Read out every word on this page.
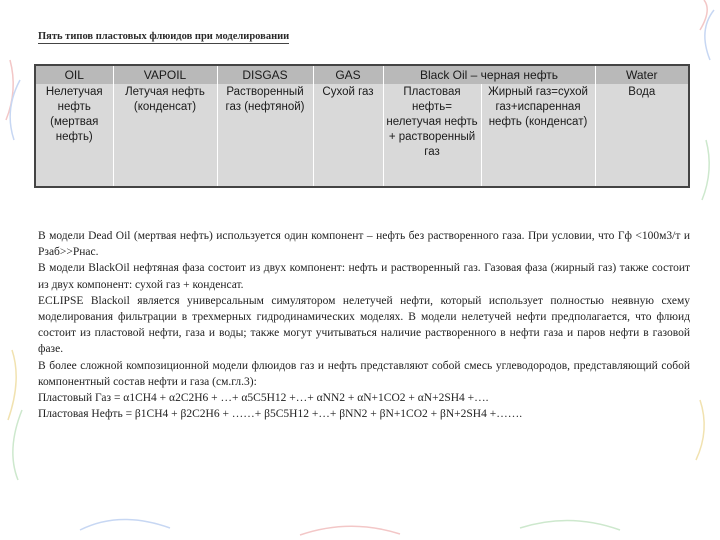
Пять типов пластовых флюидов при моделировании
OIL	VAPOIL	DISGAS	GAS	Black Oil – черная нефть		Water
Нелетучая нефть (мертвая нефть)	Летучая нефть (конденсат)	Растворенный газ (нефтяной)	Сухой газ	Пластовая нефть= нелетучая нефть + растворенный газ	Жирный газ=сухой газ+испаренная нефть (конденсат)	Вода

В модели Dead Oil (мертвая нефть) используется один компонент – нефть без растворенного газа. При условии, что Гф <100м3/т и Рзаб>>Рнас.

В модели BlackOil нефтяная фаза состоит из двух компонент: нефть и растворенный газ. Газовая фаза (жирный газ) также состоит из двух компонент: сухой газ + конденсат.

ECLIPSE Blackoil является универсальным симулятором нелетучей нефти, который использует полностью неявную схему моделирования фильтрации в трехмерных гидродинамических моделях. В модели нелетучей нефти предполагается, что флюид состоит из пластовой нефти, газа и воды; также могут учитываться наличие растворенного в нефти газа и паров нефти в газовой фазе.

В более сложной композиционной модели флюидов газ и нефть представляют собой смесь углеводородов, представляющий собой компонентный состав нефти и газа (см.гл.3):

Пластовый Газ = α1CH4 + α2C2H6 + …+ α5C5H12 +…+ αNN2 + αN+1CO2 + αN+2SH4 +….

Пластовая Нефть = β1CH4 + β2C2H6 + ……+ β5C5H12 +…+ βNN2 + βN+1CO2 + βN+2SH4 +…….
